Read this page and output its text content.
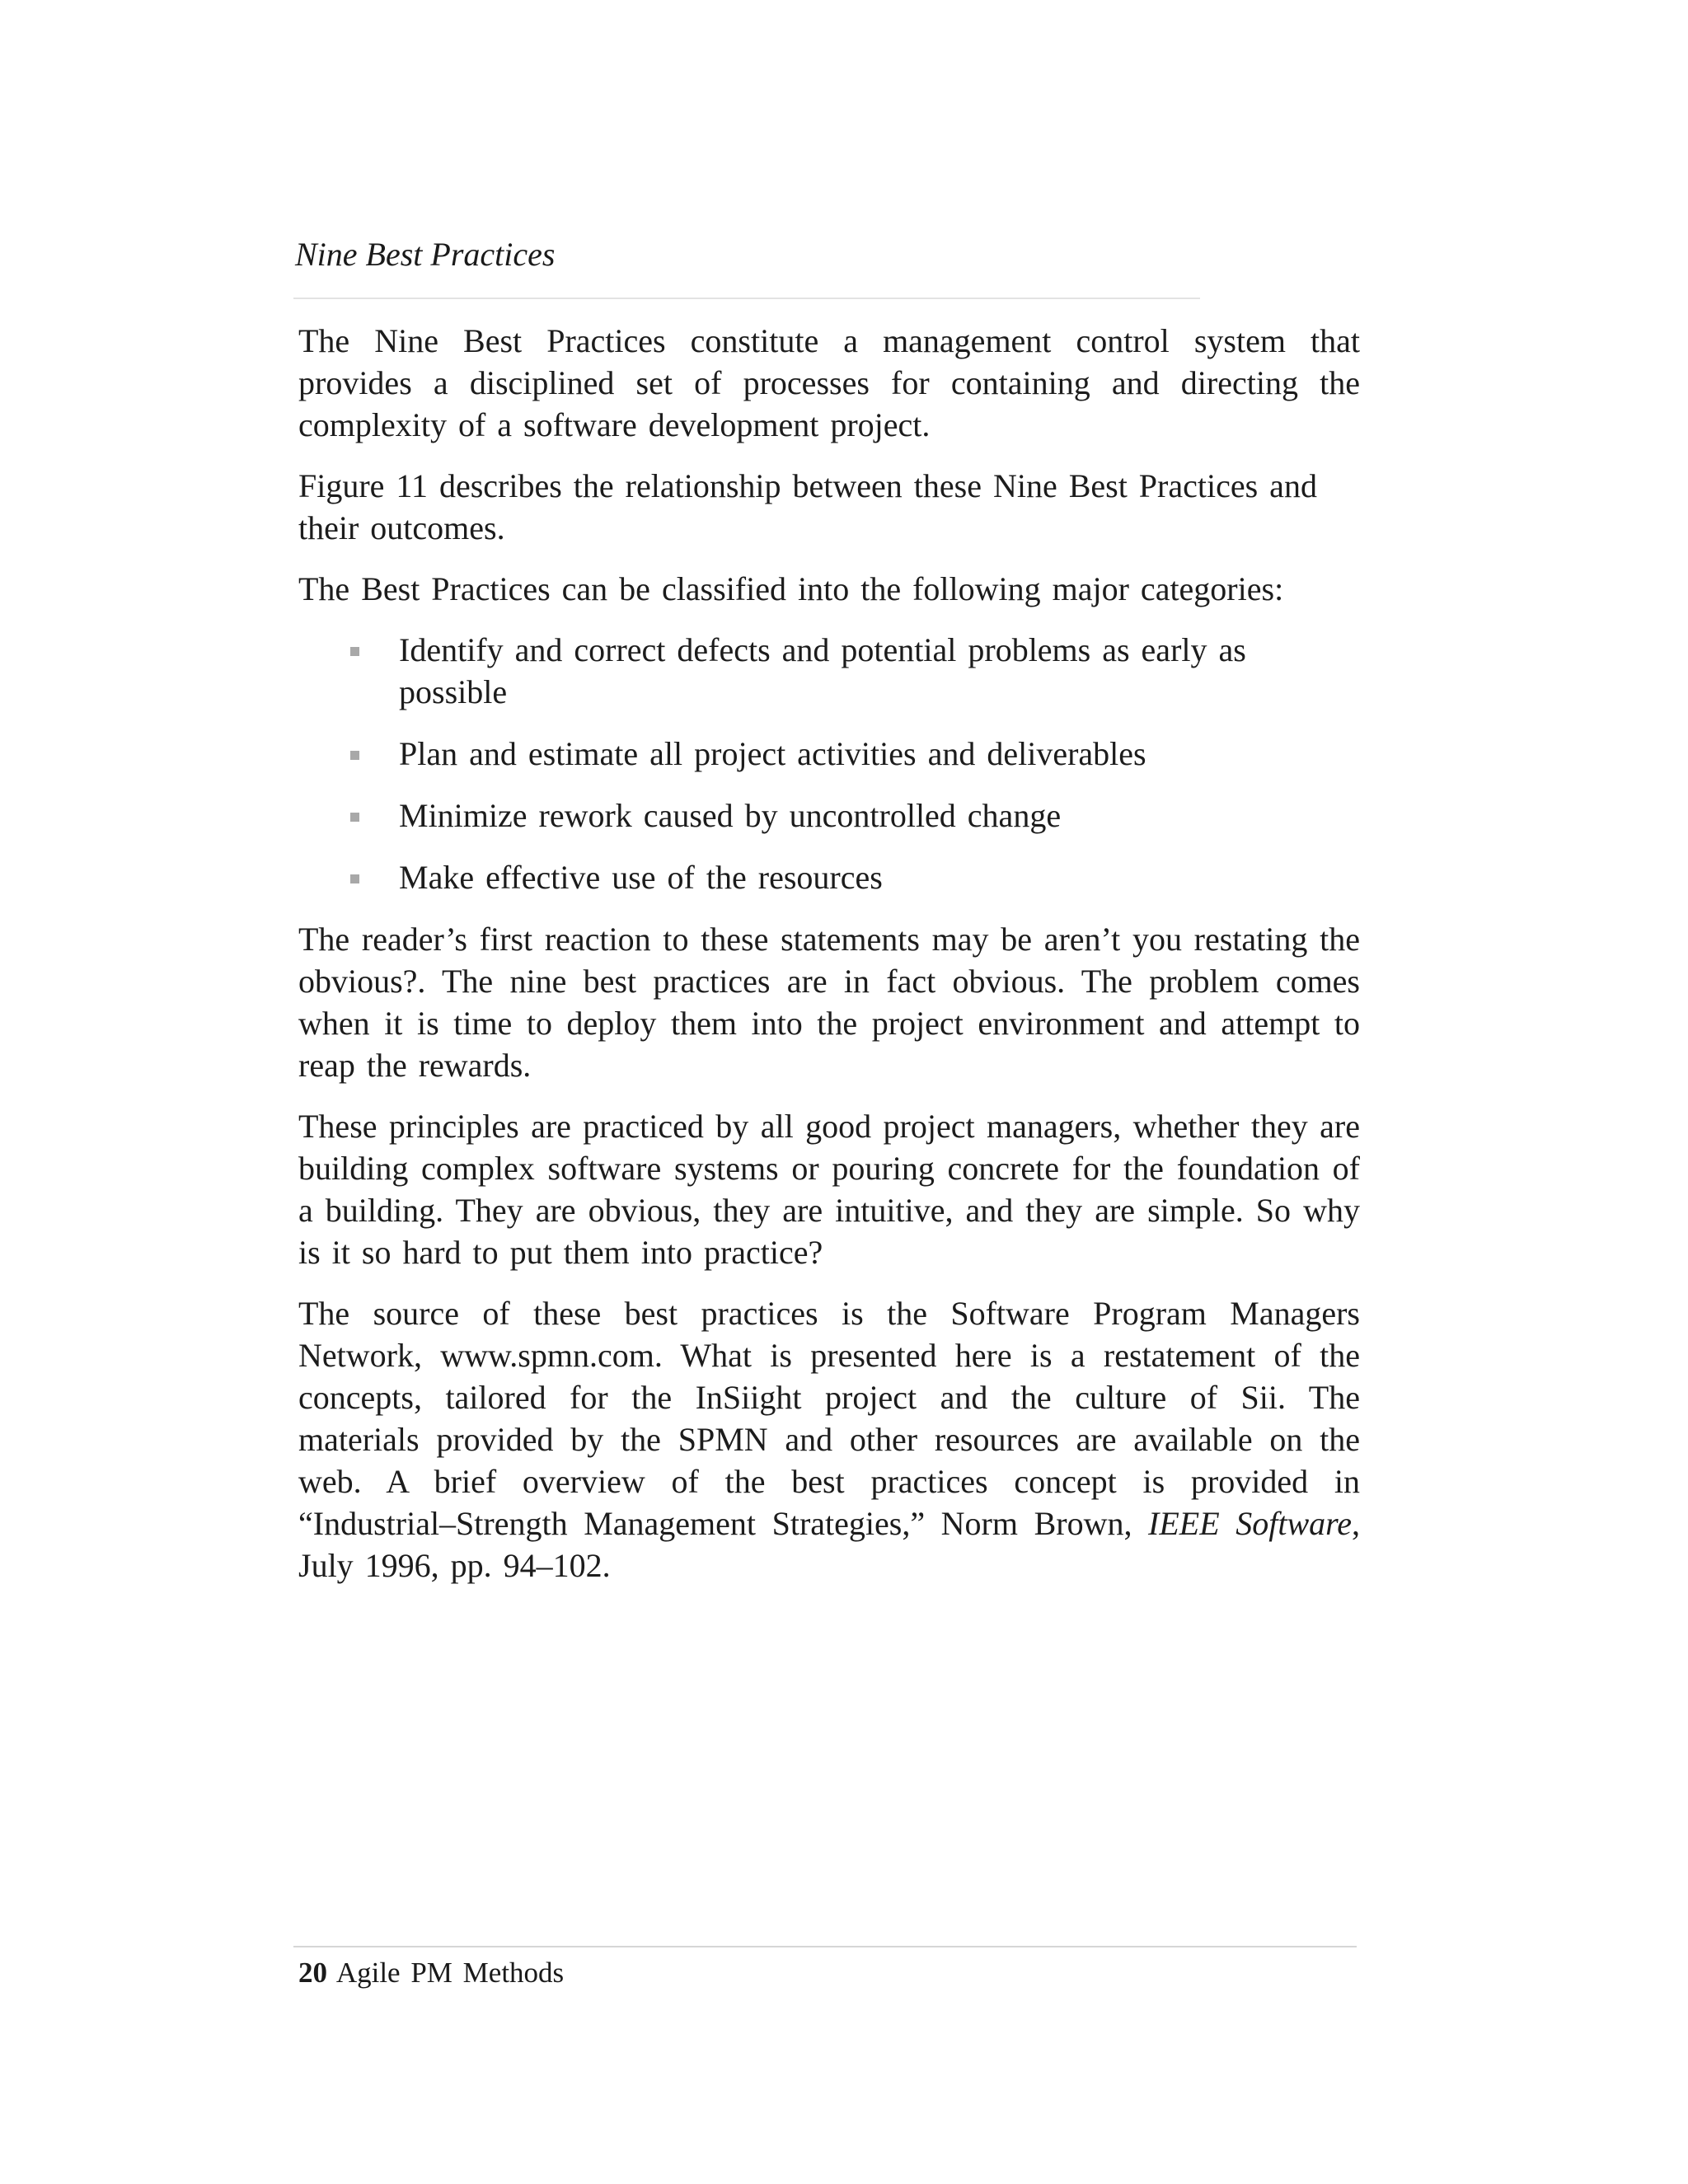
Nine Best Practices

The Nine Best Practices constitute a management control system that provides a disciplined set of processes for containing and directing the complexity of a software development project.

Figure 11 describes the relationship between these Nine Best Practices and their outcomes.

The Best Practices can be classified into the following major categories:

Identify and correct defects and potential problems as early as possible
Plan and estimate all project activities and deliverables
Minimize rework caused by uncontrolled change
Make effective use of the resources

The reader’s first reaction to these statements may be aren’t you restating the obvious?. The nine best practices are in fact obvious. The problem comes when it is time to deploy them into the project environment and attempt to reap the rewards.

These principles are practiced by all good project managers, whether they are building complex software systems or pouring concrete for the foundation of a building. They are obvious, they are intuitive, and they are simple. So why is it so hard to put them into practice?

The source of these best practices is the Software Program Managers Network, www.spmn.com. What is presented here is a restatement of the concepts, tailored for the InSiight project and the culture of Sii. The materials provided by the SPMN and other resources are available on the web. A brief overview of the best practices concept is provided in “Industrial–Strength Management Strategies,” Norm Brown, IEEE Software, July 1996, pp. 94–102.

20 Agile PM Methods
